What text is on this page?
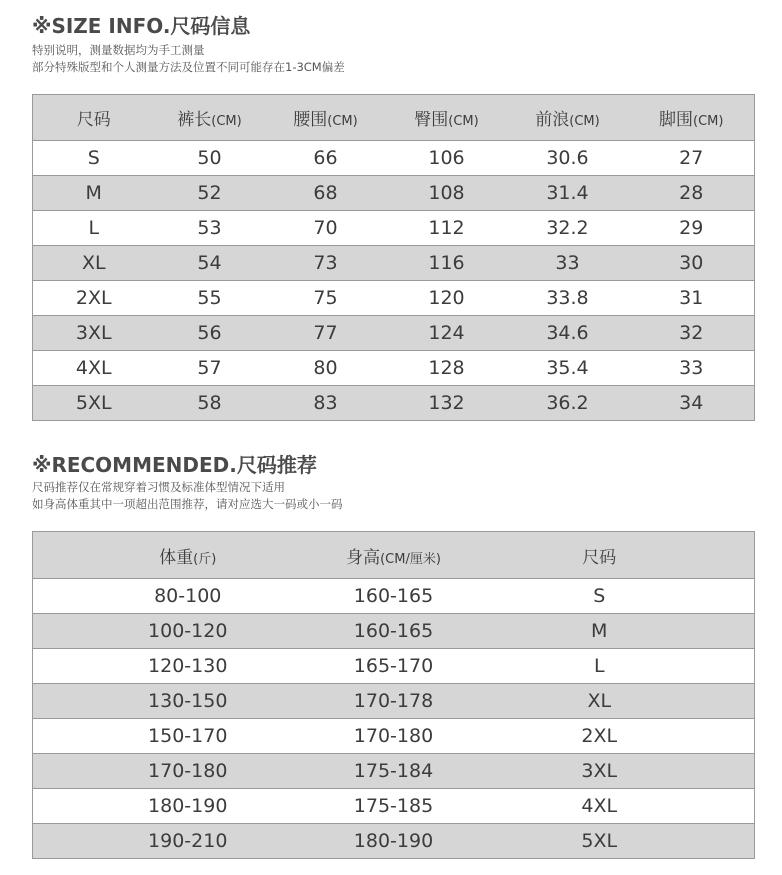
※SIZE INFO.尺码信息
特别说明，测量数据均为手工测量
部分特殊版型和个人测量方法及位置不同可能存在1-3CM偏差
尺码	裤长(CM)	腰围(CM)	臀围(CM)	前浪(CM)	脚围(CM)
S	50	66	106	30.6	27
M	52	68	108	31.4	28
L	53	70	112	32.2	29
XL	54	73	116	33	30
2XL	55	75	120	33.8	31
3XL	56	77	124	34.6	32
4XL	57	80	128	35.4	33
5XL	58	83	132	36.2	34
※RECOMMENDED.尺码推荐
尺码推荐仅在常规穿着习惯及标准体型情况下适用
如身高体重其中一项超出范围推荐，请对应选大一码或小一码
体重(斤)	身高(CM/厘米)	尺码
80-100	160-165	S
100-120	160-165	M
120-130	165-170	L
130-150	170-178	XL
150-170	170-180	2XL
170-180	175-184	3XL
180-190	175-185	4XL
190-210	180-190	5XL
